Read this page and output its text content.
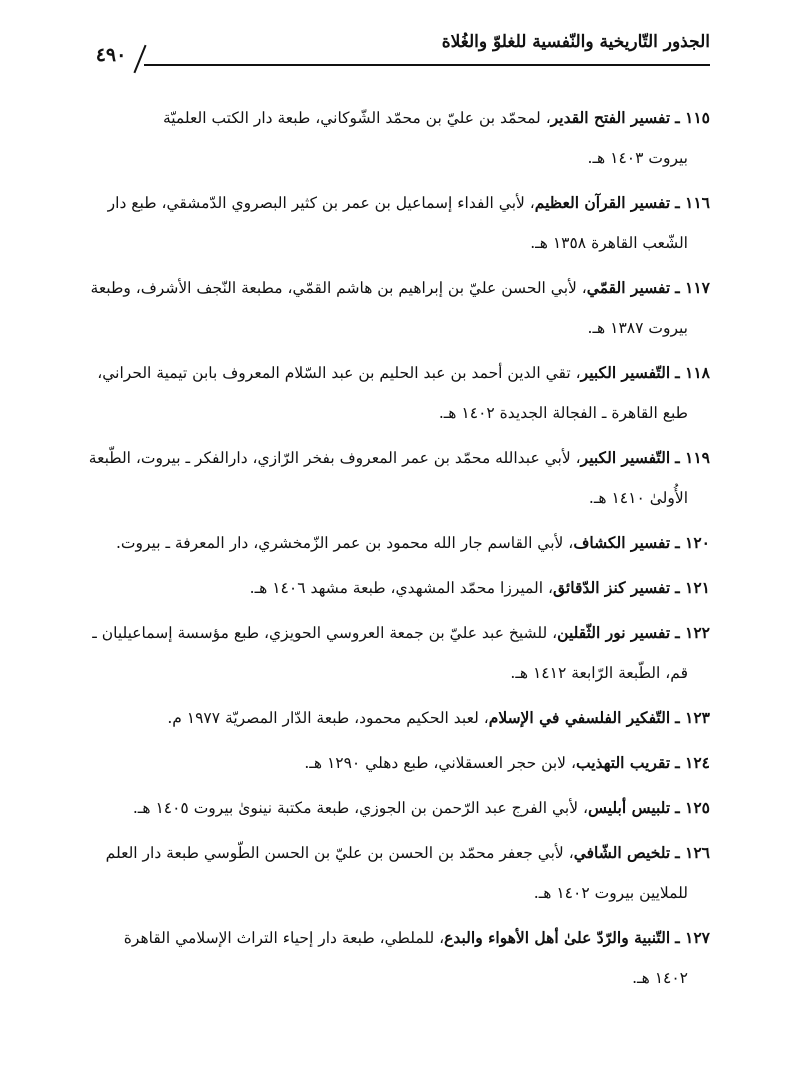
الجذور التّاريخية والنّفسية للغلوّ والغُلاة
٤٩٠
١١٥ ـ تفسير الفتح القدير، لمحمّد بن عليّ بن محمّد الشّوكاني، طبعة دار الكتب العلميّة
بيروت ١٤٠٣ هـ.
١١٦ ـ تفسير القرآن العظيم، لأبي الفداء إسماعيل بن عمر بن كثير البصروي الدّمشقي، طبع دار
الشّعب القاهرة ١٣٥٨ هـ.
١١٧ ـ تفسير القمّي، لأبي الحسن عليّ بن إبراهيم بن هاشم القمّي، مطبعة النّجف الأشرف، وطبعة
بيروت ١٣٨٧ هـ.
١١٨ ـ التّفسير الكبير، تقي الدين أحمد بن عبد الحليم بن عبد السّلام المعروف بابن تيمية الحراني،
طبع القاهرة ـ الفجالة الجديدة ١٤٠٢ هـ.
١١٩ ـ التّفسير الكبير، لأبي عبدالله محمّد بن عمر المعروف بفخر الرّازي، دارالفكر ـ بيروت، الطّبعة
الأُولىٰ ١٤١٠ هـ.
١٢٠ ـ تفسير الكشاف، لأبي القاسم جار الله محمود بن عمر الزّمخشري، دار المعرفة ـ بيروت.
١٢١ ـ تفسير كنز الدّقائق، الميرزا محمّد المشهدي، طبعة مشهد ١٤٠٦ هـ.
١٢٢ ـ تفسير نور الثّقلين، للشيخ عبد عليّ بن جمعة العروسي الحويزي، طبع مؤسسة إسماعيليان ـ
قم، الطّبعة الرّابعة ١٤١٢ هـ.
١٢٣ ـ التّفكير الفلسفي في الإسلام، لعبد الحكيم محمود، طبعة الدّار المصريّة ١٩٧٧ م.
١٢٤ ـ تقريب التهذيب، لابن حجر العسقلاني، طبع دهلي ١٢٩٠ هـ.
١٢٥ ـ تلبيس أبليس، لأبي الفرج عبد الرّحمن بن الجوزي، طبعة مكتبة نينوىٰ بيروت ١٤٠٥ هـ.
١٢٦ ـ تلخيص الشّافي، لأبي جعفر محمّد بن الحسن بن عليّ بن الحسن الطّوسي طبعة دار العلم
للملايين بيروت ١٤٠٢ هـ.
١٢٧ ـ التّنبية والرّدّ علىٰ أهل الأهواء والبدع، للملطي، طبعة دار إحياء التراث الإسلامي القاهرة
١٤٠٢ هـ.
